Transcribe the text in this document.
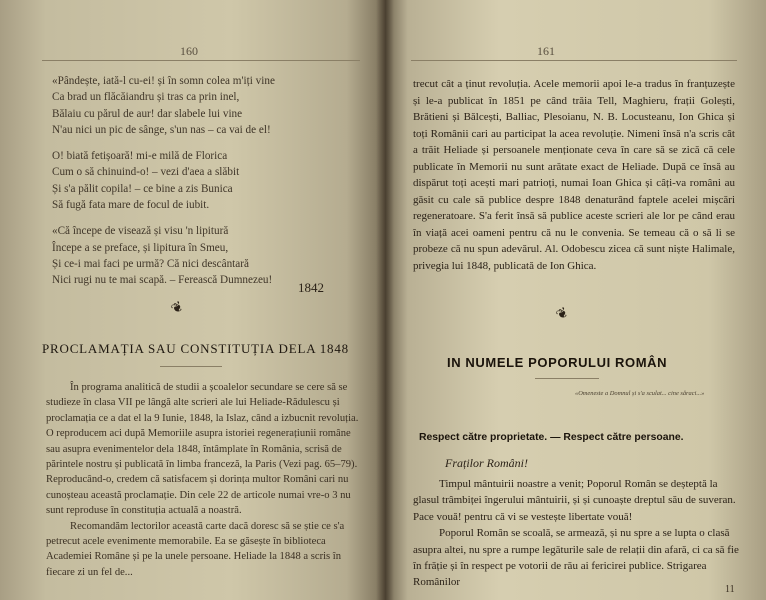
160
«Pândește, iată-l cu-ei! și în somn colea m'iți vine
Ca brad un flăcăiandru și tras ca prin inel,
Bălaiu cu părul de aur! dar slabele lui vine
N'au nici un pic de sânge, s'un nas – ca vai de el!
O! biată fetișoară! mi-e milă de Florica
Cum o să chinuind-o! – vezi d'aea a slăbit
Și s'a pălit copila! – ce bine a zis Bunica
Să fugă fata mare de focul de iubit.
«Că începe de visează și visu 'n lipitură
Începe a se preface, și lipitura în Smeu,
Și ce-i mai faci pe urmă? Că nici descântară
Nici rugi nu te mai scapă. – Ferească Dumnezeu!	1842
❦
PROCLAMAȚIA SAU CONSTITUȚIA DELA 1848

În programa analitică de studii a școalelor secundare se cere să se studieze în clasa VII pe lângă alte scrieri ale lui Heliade-Rădulescu și proclamația ce a dat el la 9 Iunie, 1848, la Islaz, când a izbucnit revoluția. O reproducem aci după Memoriile asupra istoriei regenerațiunii române sau asupra evenimentelor dela 1848, întâmplate în România, scrisă de părintele nostru și publicată în limba franceză, la Paris (Vezi pag. 65–79). Reproducând-o, credem că satisfacem și dorința multor Români cari nu cunoșteau această proclamație. Din cele 22 de articole numai vre-o 3 nu sunt reproduse în constituția actuală a noastră.

Recomandăm lectorilor această carte dacă doresc să se știe ce s'a petrecut acele evenimente memorabile. Ea se găsește în biblioteca Academiei Române și pe la unele persoane. Heliade la 1848 a scris în fiecare zi un fel de...

161

trecut cât a ținut revoluția. Acele memorii apoi le-a tradus în franțuzește și le-a publicat în 1851 pe când trăia Tell, Maghieru, frații Golești, Brătieni și Bălcești, Balliac, Plesoianu, N. B. Locusteanu, Ion Ghica și toți Românii cari au participat la acea revoluție. Nimeni însă n'a scris cât a trăit Heliade și persoanele menționate ceva în care să se zică că cele publicate în Memorii nu sunt arătate exact de Heliade. După ce însă au dispărut toți acești mari patrioți, numai Ioan Ghica și câți-va români au găsit cu cale să publice despre 1848 denaturând faptele acelei mișcări regeneratoare. S'a ferit însă să publice aceste scrieri ale lor pe când erau în viață acei oameni pentru că nu le convenia. Se temeau că o să li se probeze că nu spun adevărul. Al. Odobescu zicea că sunt niște Halimale, privegia lui 1848, publicată de Ion Ghica.

❦
IN NUMELE POPORULUI ROMÂN
«Omeneste a Domnul și s'a sculat... cine săraci...»
Respect către proprietate. — Respect către persoane.
Fraților Români!

Timpul mântuirii noastre a venit; Poporul Român se deșteptă la glasul trâmbiței îngerului mântuirii, și și cunoaște dreptul său de suveran. Pace vouă! pentru că vi se vestește libertate vouă!

Poporul Român se scoală, se armează, și nu spre a se lupta o clasă asupra altei, nu spre a rumpe legăturile sale de relații din afară, ci ca să fie în frăție și în respect pe votorii de rău ai fericirei publice. Strigarea Românilor

11
